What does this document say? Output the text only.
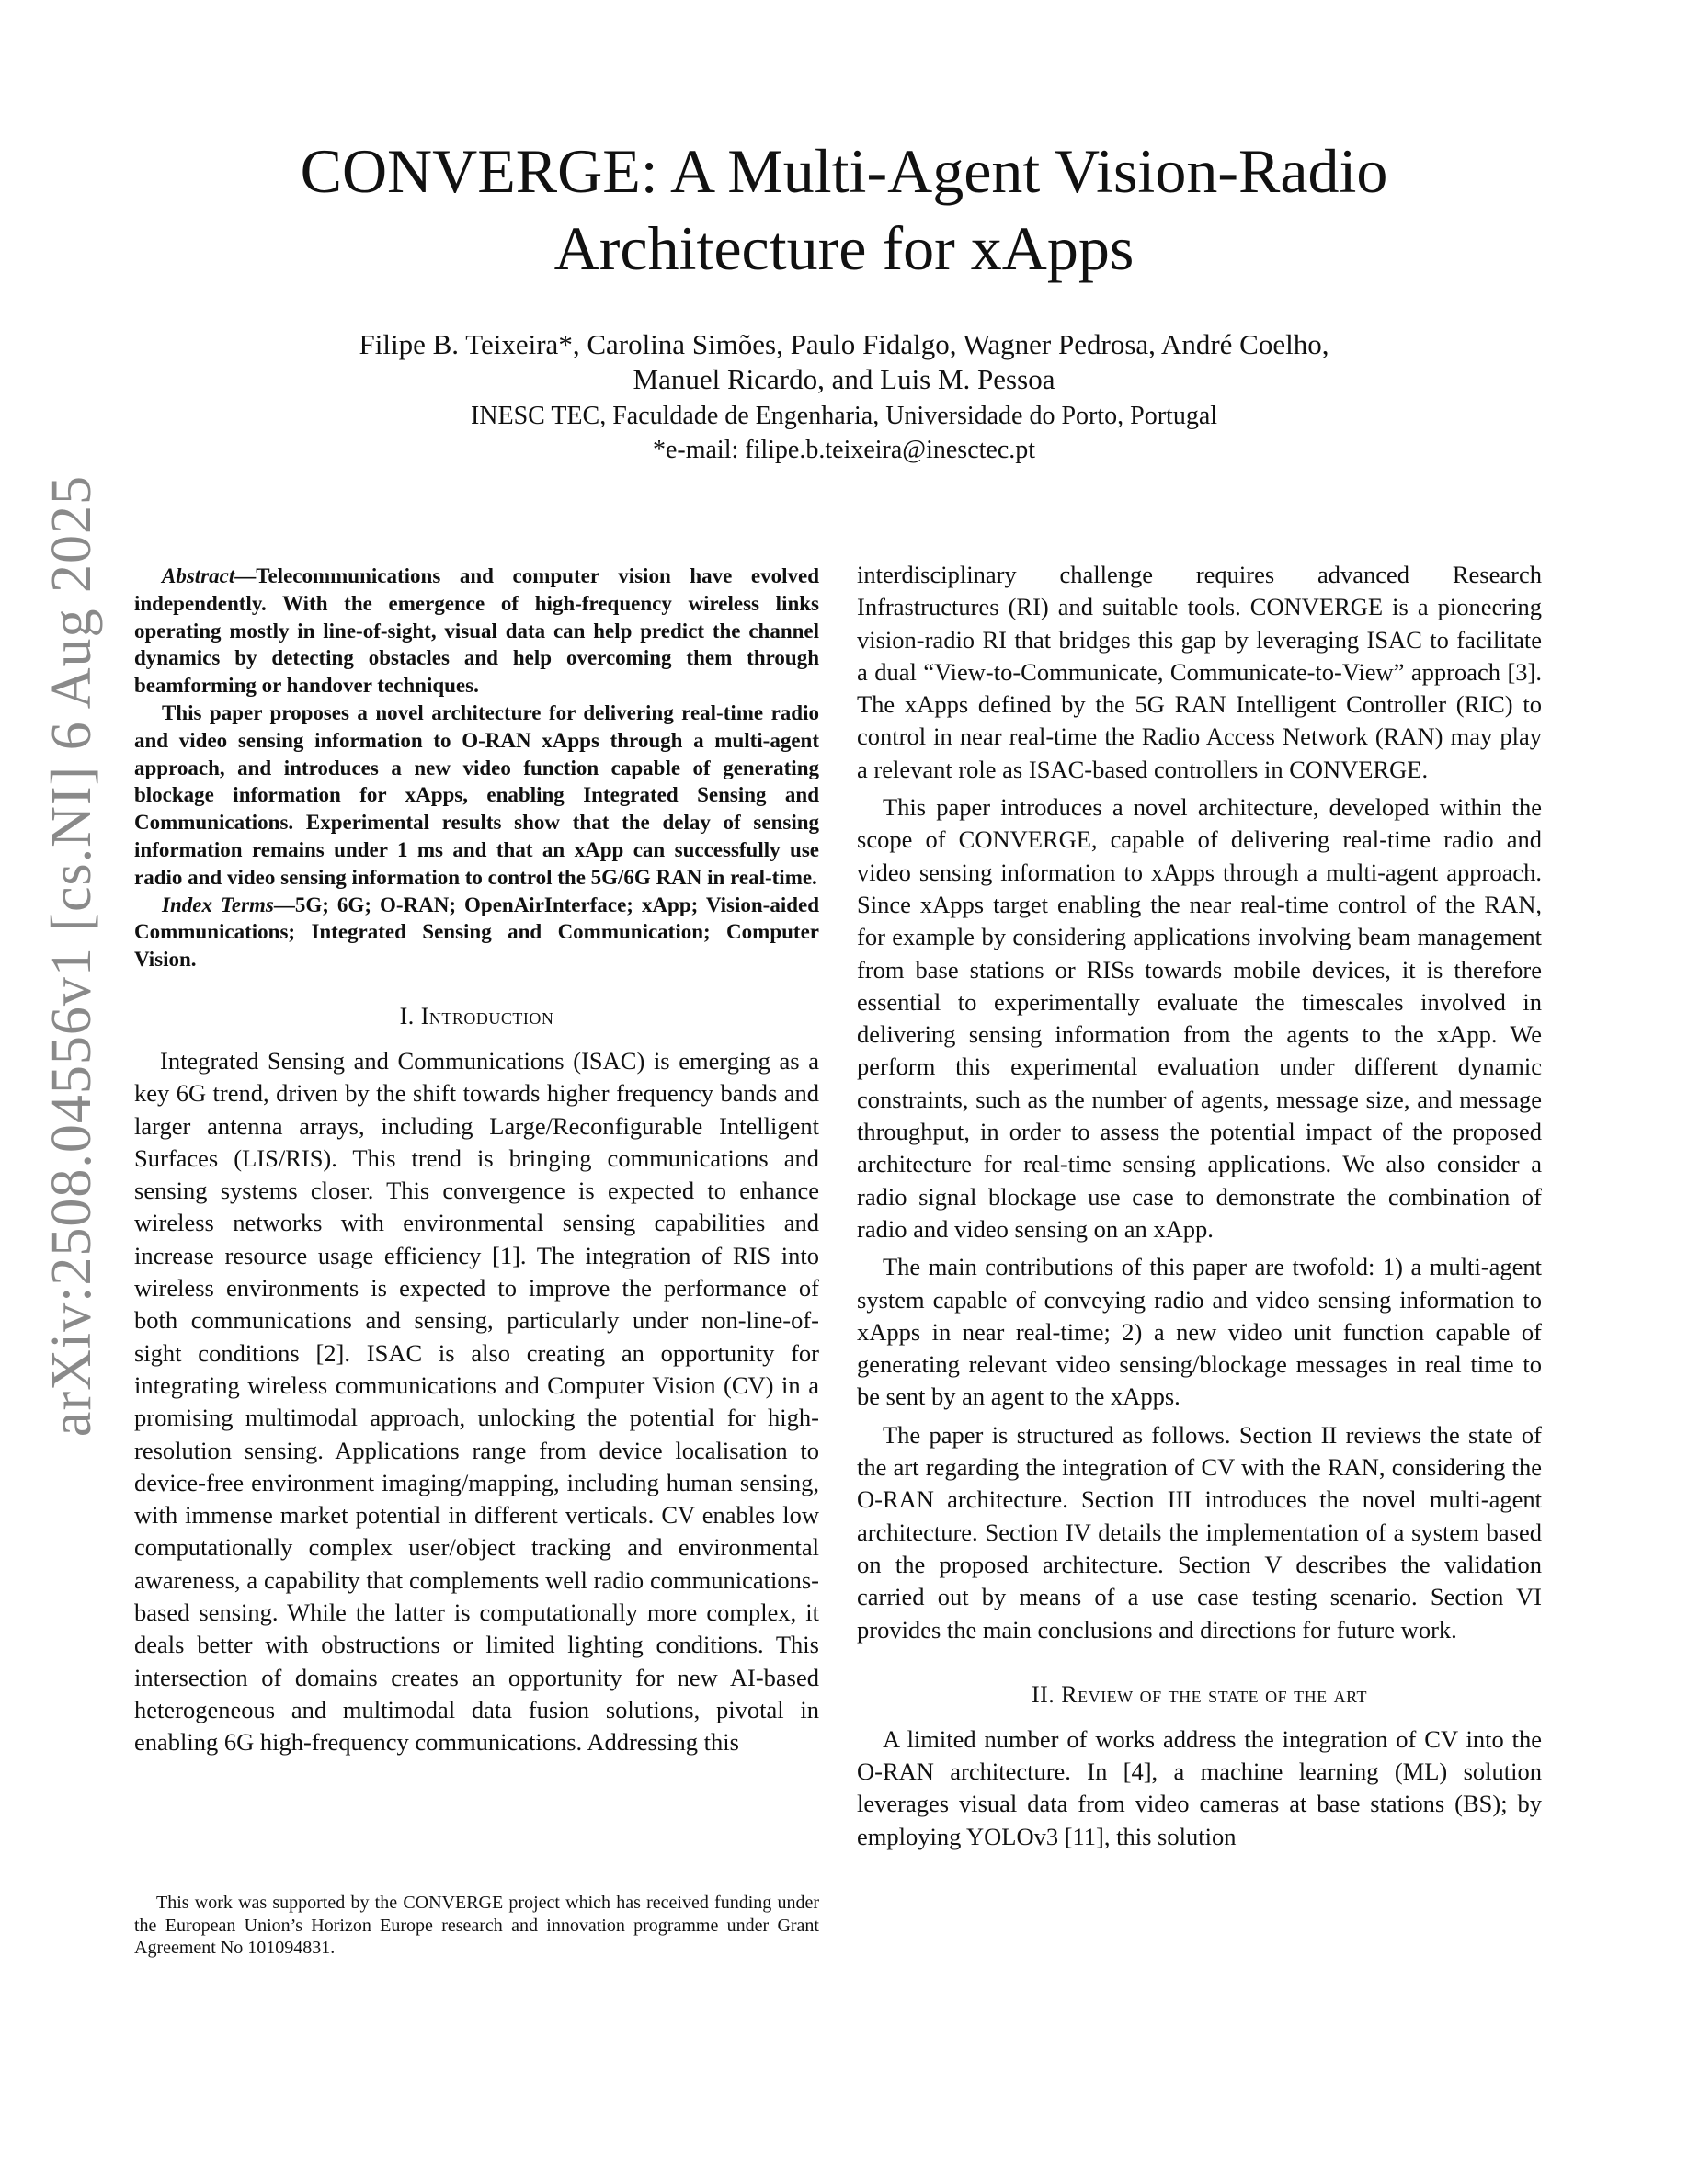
arXiv:2508.04556v1 [cs.NI] 6 Aug 2025
CONVERGE: A Multi-Agent Vision-Radio
Architecture for xApps
Filipe B. Teixeira*, Carolina Simões, Paulo Fidalgo, Wagner Pedrosa, André Coelho,
Manuel Ricardo, and Luis M. Pessoa
INESC TEC, Faculdade de Engenharia, Universidade do Porto, Portugal
*e-mail: filipe.b.teixeira@inesctec.pt

Abstract—Telecommunications and computer vision have evolved independently. With the emergence of high-frequency wireless links operating mostly in line-of-sight, visual data can help predict the channel dynamics by detecting obstacles and help overcoming them through beamforming or handover techniques.

This paper proposes a novel architecture for delivering real-time radio and video sensing information to O-RAN xApps through a multi-agent approach, and introduces a new video function capable of generating blockage information for xApps, enabling Integrated Sensing and Communications. Experimental results show that the delay of sensing information remains under 1 ms and that an xApp can successfully use radio and video sensing information to control the 5G/6G RAN in real-time.

Index Terms—5G; 6G; O-RAN; OpenAirInterface; xApp; Vision-aided Communications; Integrated Sensing and Communication; Computer Vision.

I. Introduction

Integrated Sensing and Communications (ISAC) is emerging as a key 6G trend, driven by the shift towards higher frequency bands and larger antenna arrays, including Large/Reconfigurable Intelligent Surfaces (LIS/RIS). This trend is bringing communications and sensing systems closer. This convergence is expected to enhance wireless networks with environmental sensing capabilities and increase resource usage efficiency [1]. The integration of RIS into wireless environments is expected to improve the performance of both communications and sensing, particularly under non-line-of-sight conditions [2]. ISAC is also creating an opportunity for integrating wireless communications and Computer Vision (CV) in a promising multimodal approach, unlocking the potential for high-resolution sensing. Applications range from device localisation to device-free environment imaging/mapping, including human sensing, with immense market potential in different verticals. CV enables low computationally complex user/object tracking and environmental awareness, a capability that complements well radio communications-based sensing. While the latter is computationally more complex, it deals better with obstructions or limited lighting conditions. This intersection of domains creates an opportunity for new AI-based heterogeneous and multimodal data fusion solutions, pivotal in enabling 6G high-frequency communications. Addressing this

This work was supported by the CONVERGE project which has received funding under the European Union’s Horizon Europe research and innovation programme under Grant Agreement No 101094831.

interdisciplinary challenge requires advanced Research Infrastructures (RI) and suitable tools. CONVERGE is a pioneering vision-radio RI that bridges this gap by leveraging ISAC to facilitate a dual “View-to-Communicate, Communicate-to-View” approach [3]. The xApps defined by the 5G RAN Intelligent Controller (RIC) to control in near real-time the Radio Access Network (RAN) may play a relevant role as ISAC-based controllers in CONVERGE.

This paper introduces a novel architecture, developed within the scope of CONVERGE, capable of delivering real-time radio and video sensing information to xApps through a multi-agent approach. Since xApps target enabling the near real-time control of the RAN, for example by considering applications involving beam management from base stations or RISs towards mobile devices, it is therefore essential to experimentally evaluate the timescales involved in delivering sensing information from the agents to the xApp. We perform this experimental evaluation under different dynamic constraints, such as the number of agents, message size, and message throughput, in order to assess the potential impact of the proposed architecture for real-time sensing applications. We also consider a radio signal blockage use case to demonstrate the combination of radio and video sensing on an xApp.

The main contributions of this paper are twofold: 1) a multi-agent system capable of conveying radio and video sensing information to xApps in near real-time; 2) a new video unit function capable of generating relevant video sensing/blockage messages in real time to be sent by an agent to the xApps.

The paper is structured as follows. Section II reviews the state of the art regarding the integration of CV with the RAN, considering the O-RAN architecture. Section III introduces the novel multi-agent architecture. Section IV details the implementation of a system based on the proposed architecture. Section V describes the validation carried out by means of a use case testing scenario. Section VI provides the main conclusions and directions for future work.

II. Review of the state of the art

A limited number of works address the integration of CV into the O-RAN architecture. In [4], a machine learning (ML) solution leverages visual data from video cameras at base stations (BS); by employing YOLOv3 [11], this solution
